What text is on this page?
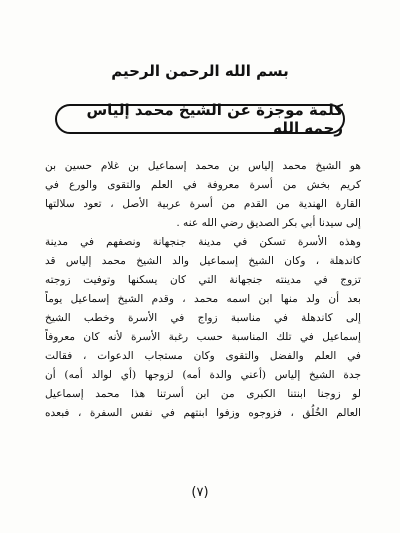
بسم الله الرحمن الرحيم
كلمة موجزة عن الشيخ محمد إلياس رحمه الله
هو الشيخ محمد إلياس بن محمد إسماعيل بن غلام حسين بن
كريم بخش من أسرة معروفة في العلم والتقوى والورع في
القارة الهندية من القدم من أسرة عربية الأصل ، تعود سلالتها
إلى سيدنا أبي بكر الصديق رضي الله عنه .
وهذه الأسرة تسكن في مدينة جنجهانة ونصفهم في مدينة
كاندهلة ، وكان الشيخ إسماعيل والد الشيخ محمد إلياس قد
تزوج في مدينته جنجهانة التي كان يسكنها وتوفيت زوجته
بعد أن ولد منها ابن اسمه محمد ، وقدم الشيخ إسماعيل يوماً
إلى كاندهلة في مناسبة زواج في الأسرة وخطب الشيخ
إسماعيل في تلك المناسبة حسب رغبة الأسرة لأنه كان معروفاً
في العلم والفضل والتقوى وكان مستجاب الدعوات ، فقالت
جدة الشيخ إلياس (أعني والدة أمه) لزوجها (أي لوالد أمه) أن
لو زوجنا ابنتنا الكبرى من ابن أسرتنا هذا محمد إسماعيل
العالم الخُلُق ، فزوجوه وزفوا ابنتهم في نفس السفرة ، فبعده
(٧)
